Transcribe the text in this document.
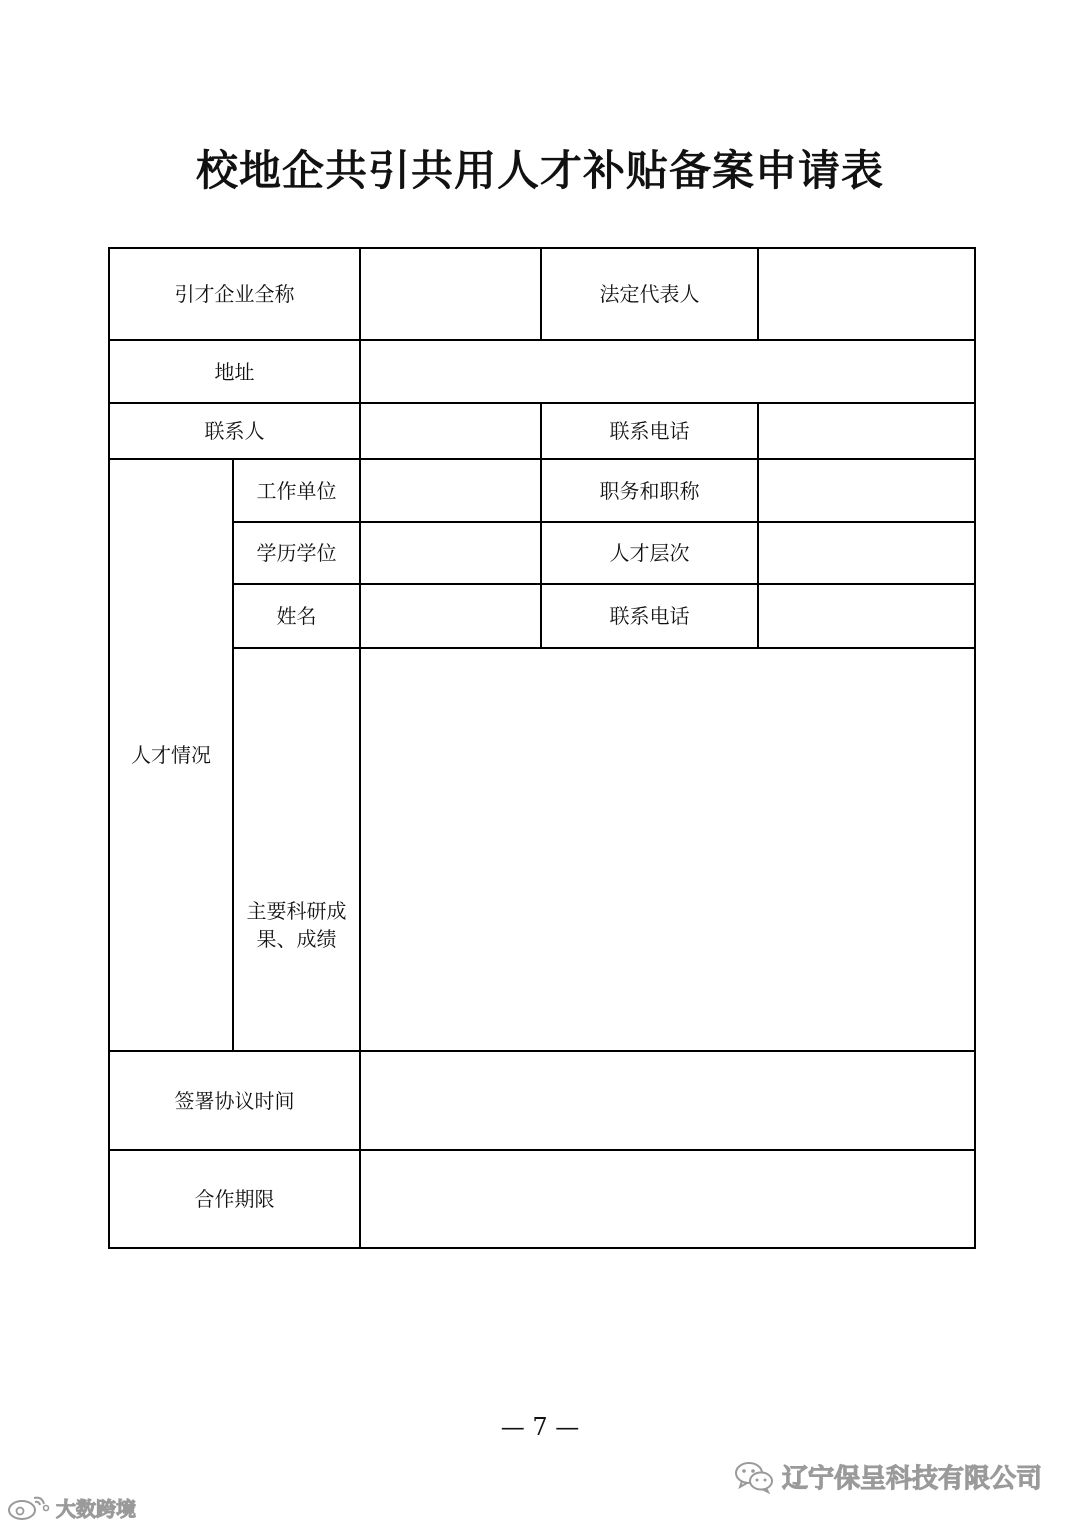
校地企共引共用人才补贴备案申请表
引才企业全称			法定代表人	
地址				
联系人			联系电话	
人才情况	工作单位		职务和职称	
	学历学位		人才层次	
	姓名		联系电话	

	主要科研成
果、成绩			

签署协议时间				
合作期限				
— 7 —
辽宁保呈科技有限公司
大数跨境
